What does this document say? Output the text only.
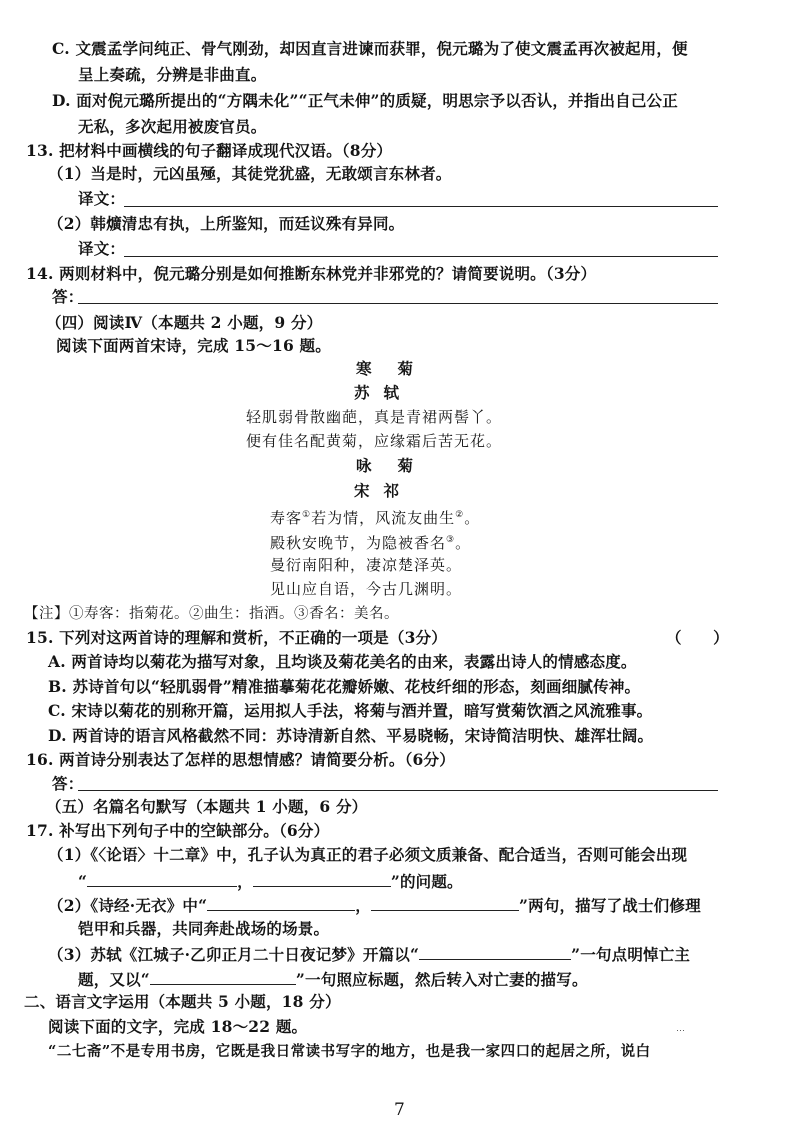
C. 文震孟学问纯正、骨气刚劲，却因直言进谏而获罪，倪元璐为了使文震孟再次被起用，便
呈上奏疏，分辨是非曲直。
D. 面对倪元璐所提出的“方隅未化”“正气未伸”的质疑，明思宗予以否认，并指出自己公正
无私，多次起用被废官员。
13. 把材料中画横线的句子翻译成现代汉语。（8分）
（1）当是时，元凶虽殛，其徒党犹盛，无敢颂言东林者。
译文：
（2）韩爌清忠有执，上所鉴知，而廷议殊有异同。
译文：
14. 两则材料中，倪元璐分别是如何推断东林党并非邪党的？请简要说明。（3分）
答：
（四）阅读Ⅳ（本题共 2 小题，9 分）
阅读下面两首宋诗，完成 15～16 题。
寒菊
苏轼
轻肌弱骨散幽葩，真是青裙两髻丫。
便有佳名配黄菊，应缘霜后苦无花。
咏菊
宋祁
寿客①若为情，风流友曲生②。
殿秋安晚节，为隐被香名③。
曼衍南阳种，凄凉楚泽英。
见山应自语，今古几渊明。
【注】①寿客：指菊花。②曲生：指酒。③香名：美名。
15. 下列对这两首诗的理解和赏析，不正确的一项是（3分）	（　　）
A. 两首诗均以菊花为描写对象，且均谈及菊花美名的由来，表露出诗人的情感态度。
B. 苏诗首句以“轻肌弱骨”精准描摹菊花花瓣娇嫩、花枝纤细的形态，刻画细腻传神。
C. 宋诗以菊花的别称开篇，运用拟人手法，将菊与酒并置，暗写赏菊饮酒之风流雅事。
D. 两首诗的语言风格截然不同：苏诗清新自然、平易晓畅，宋诗简洁明快、雄浑壮阔。
16. 两首诗分别表达了怎样的思想情感？请简要分析。（6分）
答：
（五）名篇名句默写（本题共 1 小题，6 分）
17. 补写出下列句子中的空缺部分。（6分）
（1）《〈论语〉十二章》中，孔子认为真正的君子必须文质兼备、配合适当，否则可能会出现
“	，	”的问题。
（2）《诗经·无衣》中“	，	”两句，描写了战士们修理
铠甲和兵器，共同奔赴战场的场景。
（3）苏轼《江城子·乙卯正月二十日夜记梦》开篇以“	”一句点明悼亡主
题，又以“	”一句照应标题，然后转入对亡妻的描写。
二、语言文字运用（本题共 5 小题，18 分）
阅读下面的文字，完成 18～22 题。	⋯
“二七斋”不是专用书房，它既是我日常读书写字的地方，也是我一家四口的起居之所，说白
7
